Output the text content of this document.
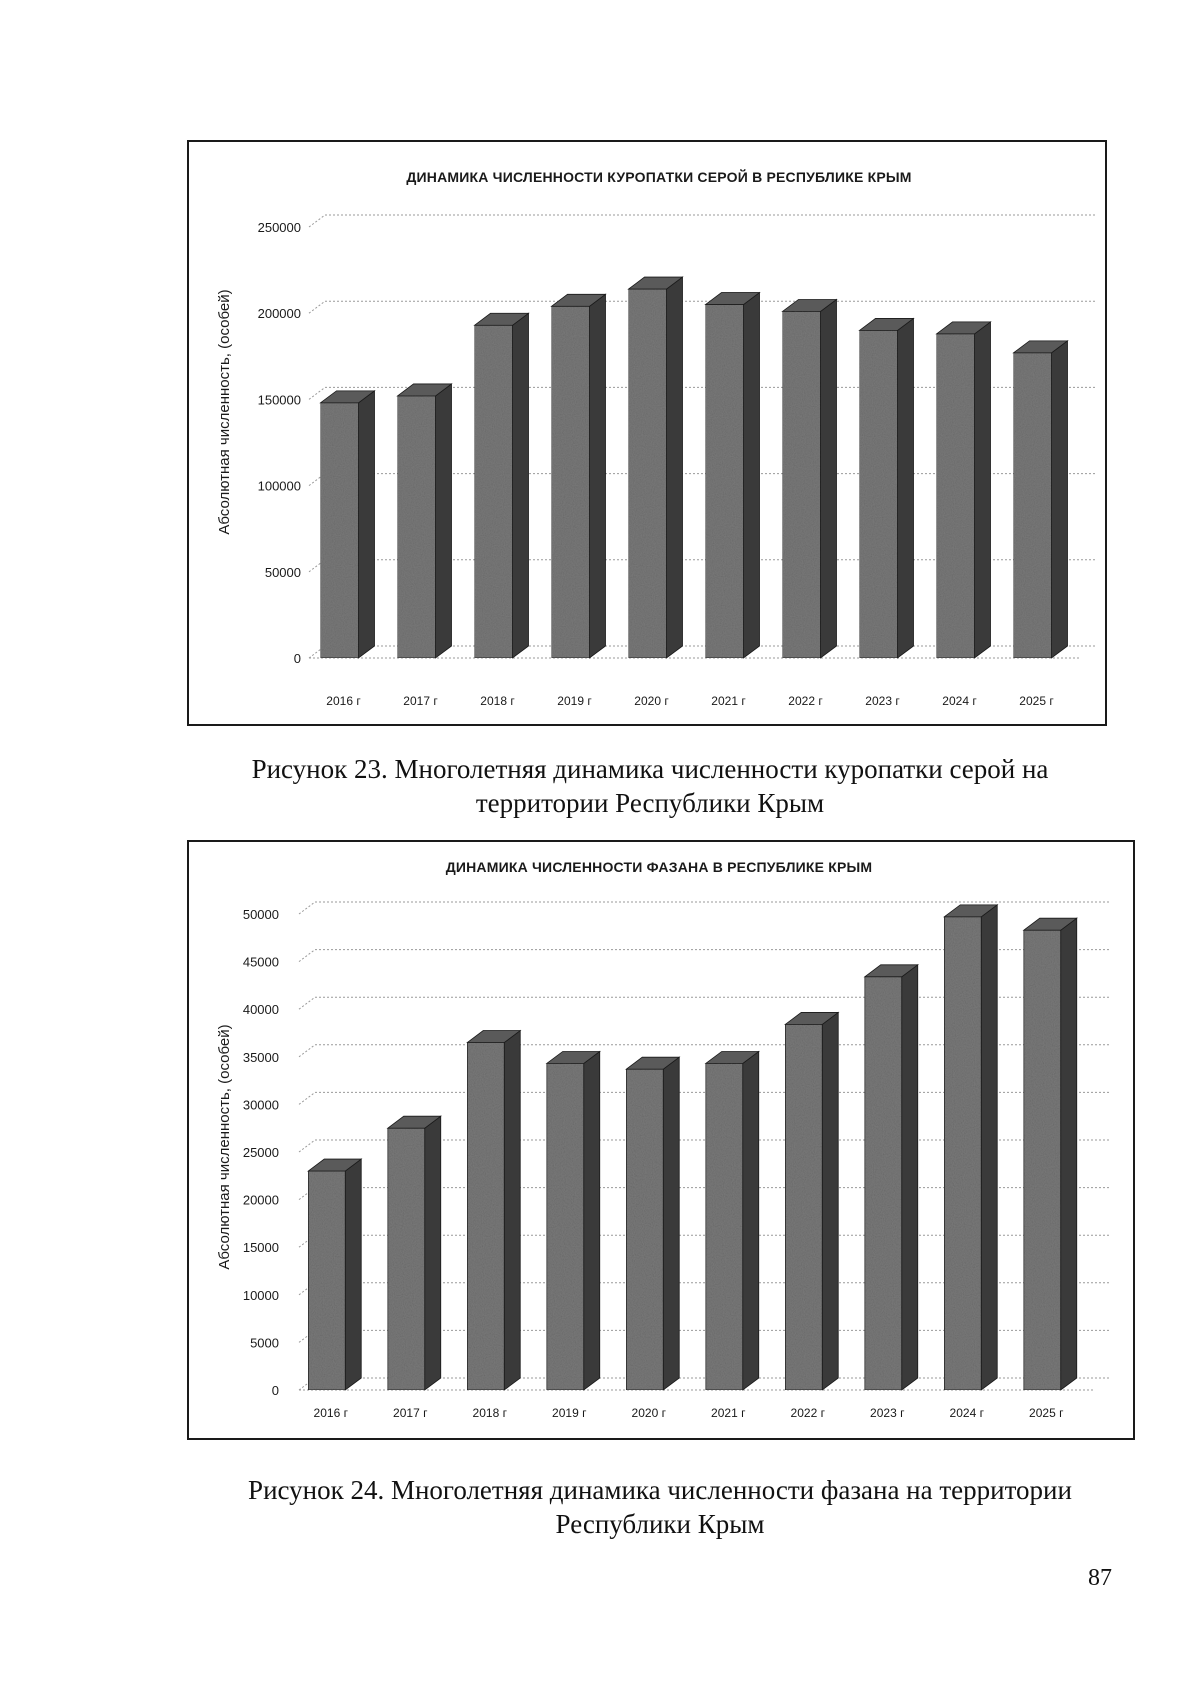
ДИНАМИКА ЧИСЛЕННОСТИ КУРОПАТКИ СЕРОЙ В РЕСПУБЛИКЕ КРЫМ
0
50000
100000
150000
200000
250000
Абсолютная численность, (особей)
2016 г	2017 г	2018 г	2019 г	2020 г	2021 г	2022 г	2023 г	2024 г	2025 г
Рисунок 23. Многолетняя динамика численности куропатки серой на территории Республики Крым
ДИНАМИКА ЧИСЛЕННОСТИ ФАЗАНА В РЕСПУБЛИКЕ КРЫМ
0
5000
10000
15000
20000
25000
30000
35000
40000
45000
50000
Абсолютная численность, (особей)
2016 г	2017 г	2018 г	2019 г	2020 г	2021 г	2022 г	2023 г	2024 г	2025 г
Рисунок 24. Многолетняя динамика численности фазана на территории Республики Крым
87
